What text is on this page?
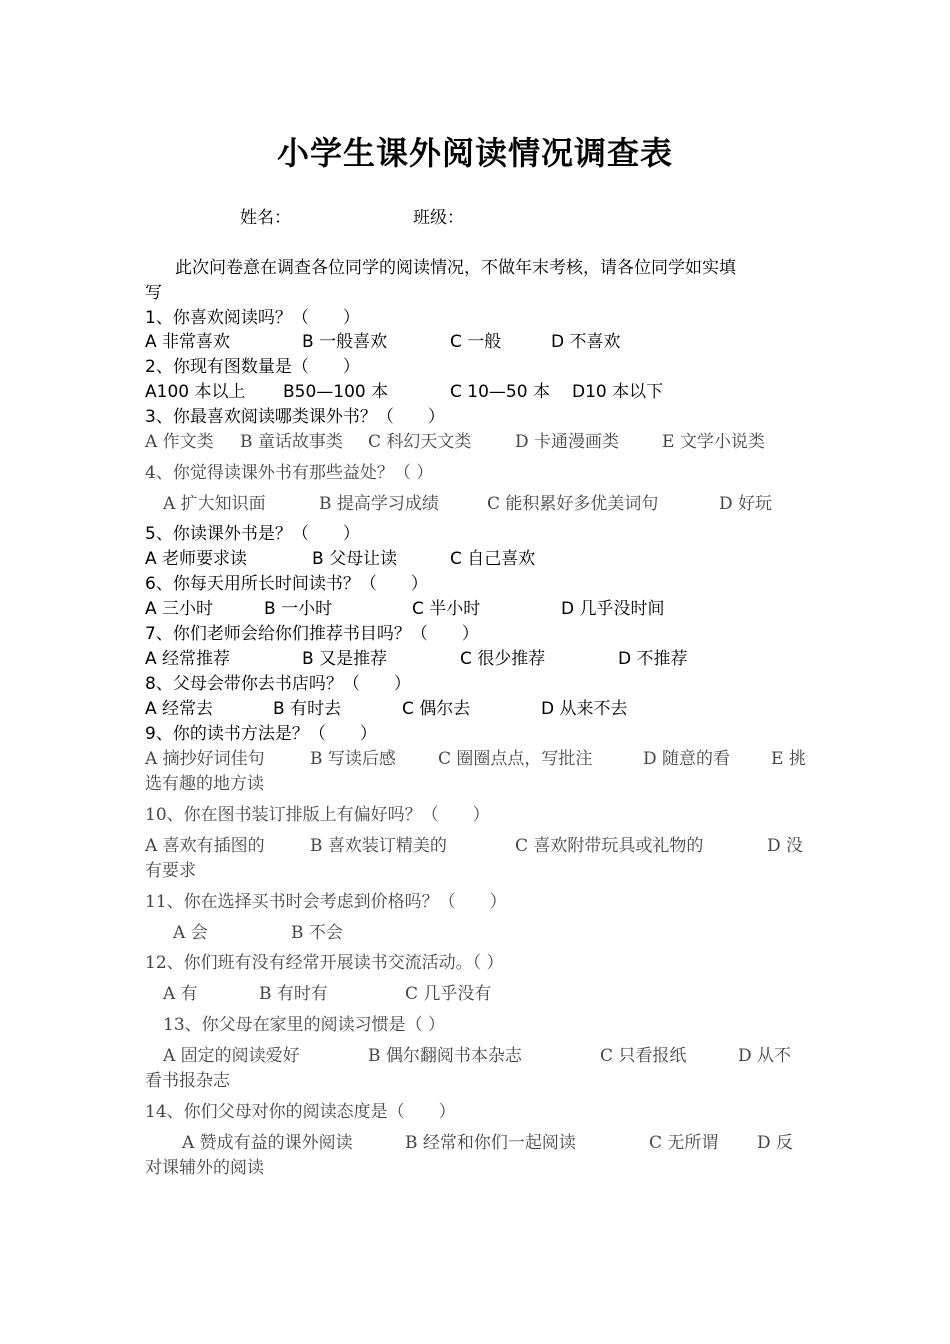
小学生课外阅读情况调查表
姓名：	班级：
此次问卷意在调查各位同学的阅读情况，不做年末考核，请各位同学如实填
写
1、你喜欢阅读吗？（　　）
A 非常喜欢	B 一般喜欢	C 一般	D 不喜欢
2、你现有图数量是（　　）
A100 本以上 B50—100 本	C 10—50 本 D10 本以下
3、你最喜欢阅读哪类课外书？（　　）
A 作文类 B 童话故事类 C 科幻天文类	D 卡通漫画类	E 文学小说类
4、你觉得读课外书有那些益处？（ ）
A 扩大知识面	B 提高学习成绩	C 能积累好多优美词句	D 好玩
5、你读课外书是？（　　）
A 老师要求读	B 父母让读	C 自己喜欢
6、你每天用所长时间读书？（　　）
A 三小时	B 一小时	C 半小时	D 几乎没时间
7、你们老师会给你们推荐书目吗？（　　）
A 经常推荐	B 又是推荐	C 很少推荐	D 不推荐
8、父母会带你去书店吗？（　　）
A 经常去	B 有时去	C 偶尔去	D 从来不去
9、你的读书方法是？（　　）
A 摘抄好词佳句	B 写读后感 C 圈圈点点，写批注	D 随意的看 E 挑
选有趣的地方读
10、你在图书装订排版上有偏好吗？（　　）
A 喜欢有插图的	B 喜欢装订精美的	C 喜欢附带玩具或礼物的	D 没
有要求
11、你在选择买书时会考虑到价格吗？（　　）
A 会	B 不会
12、你们班有没有经常开展读书交流活动。（ ）
A 有	B 有时有	C 几乎没有
13、你父母在家里的阅读习惯是（ ）
A 固定的阅读爱好	B 偶尔翻阅书本杂志	C 只看报纸	D 从不
看书报杂志
14、你们父母对你的阅读态度是（　　）
A 赞成有益的课外阅读	B 经常和你们一起阅读	C 无所谓 D 反
对课辅外的阅读
